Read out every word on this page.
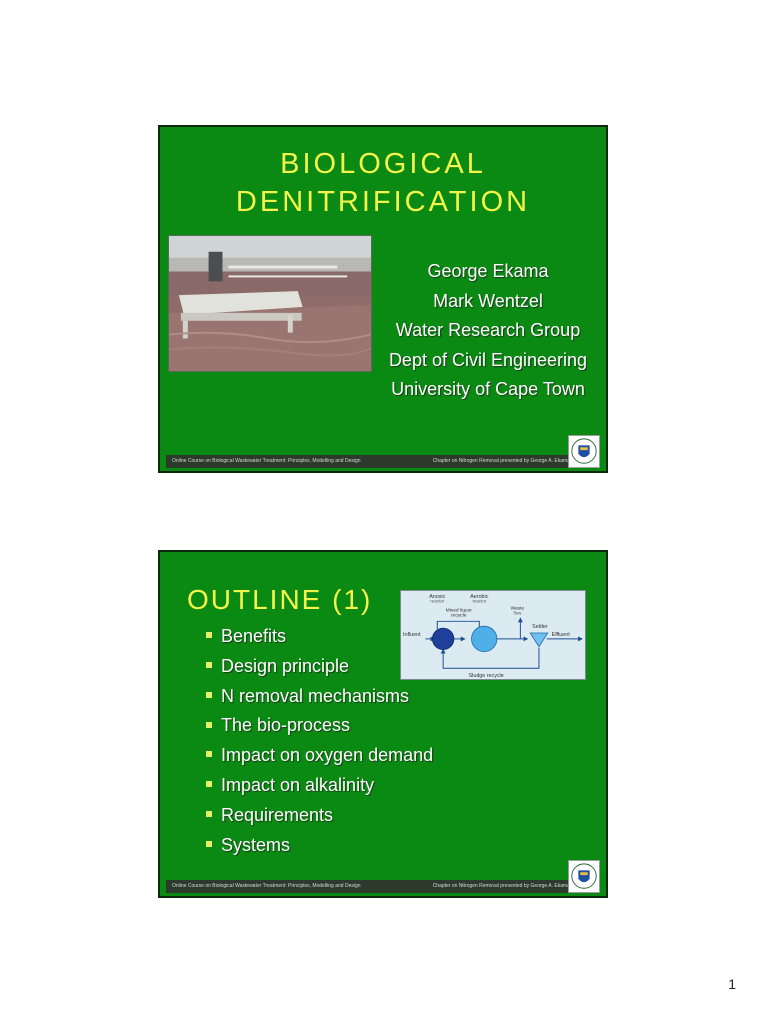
BIOLOGICAL
DENITRIFICATION
George Ekama
Mark Wentzel
Water Research Group
Dept of Civil Engineering
University of Cape Town
Online Course on Biological Wastewater Treatment: Principles, Modelling and Design	Chapter on Nitrogen Removal presented by George A. Ekama
OUTLINE (1)
Benefits
Design principle
N removal mechanisms
The bio-process
Impact on oxygen demand
Impact on alkalinity
Requirements
Systems
Anoxic
reactor
Aerobic
reactor
Mixed liquor
recycle
Waste
flow
Settler
Influent	Effluent
Sludge recycle
Online Course on Biological Wastewater Treatment: Principles, Modelling and Design	Chapter on Nitrogen Removal presented by George A. Ekama
1
